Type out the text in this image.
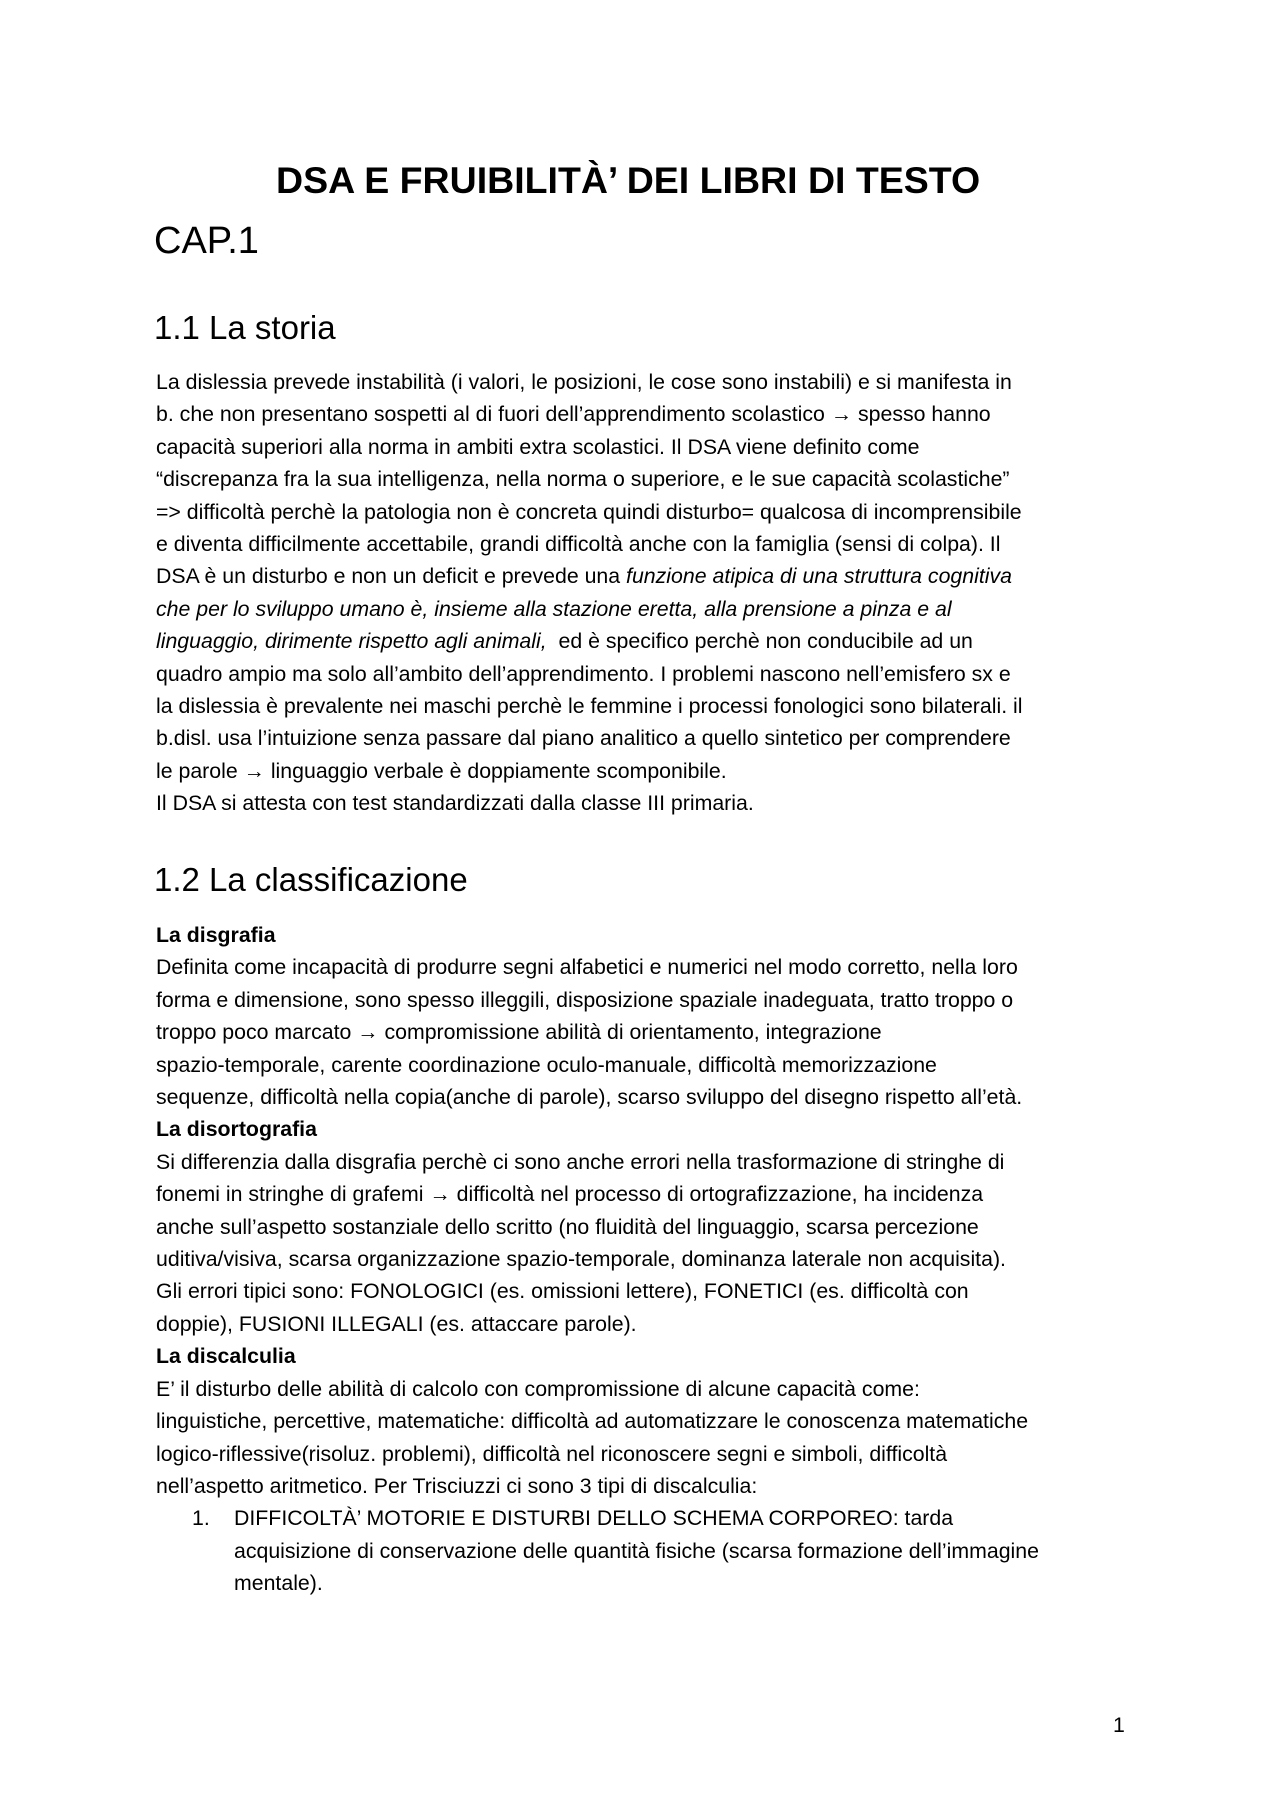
DSA E FRUIBILITÀ’ DEI LIBRI DI TESTO
CAP.1
1.1 La storia
La dislessia prevede instabilità (i valori, le posizioni, le cose sono instabili) e si manifesta in
b. che non presentano sospetti al di fuori dell’apprendimento scolastico → spesso hanno
capacità superiori alla norma in ambiti extra scolastici. Il DSA viene definito come
“discrepanza fra la sua intelligenza, nella norma o superiore, e le sue capacità scolastiche”
=> difficoltà perchè la patologia non è concreta quindi disturbo= qualcosa di incomprensibile
e diventa difficilmente accettabile, grandi difficoltà anche con la famiglia (sensi di colpa). Il
DSA è un disturbo e non un deficit e prevede una funzione atipica di una struttura cognitiva
che per lo sviluppo umano è, insieme alla stazione eretta, alla prensione a pinza e al
linguaggio, dirimente rispetto agli animali,  ed è specifico perchè non conducibile ad un
quadro ampio ma solo all’ambito dell’apprendimento. I problemi nascono nell’emisfero sx e
la dislessia è prevalente nei maschi perchè le femmine i processi fonologici sono bilaterali. il
b.disl. usa l’intuizione senza passare dal piano analitico a quello sintetico per comprendere
le parole → linguaggio verbale è doppiamente scomponibile.
Il DSA si attesta con test standardizzati dalla classe III primaria.
1.2 La classificazione
La disgrafia
Definita come incapacità di produrre segni alfabetici e numerici nel modo corretto, nella loro
forma e dimensione, sono spesso illeggili, disposizione spaziale inadeguata, tratto troppo o
troppo poco marcato → compromissione abilità di orientamento, integrazione
spazio-temporale, carente coordinazione oculo-manuale, difficoltà memorizzazione
sequenze, difficoltà nella copia(anche di parole), scarso sviluppo del disegno rispetto all’età.
La disortografia
Si differenzia dalla disgrafia perchè ci sono anche errori nella trasformazione di stringhe di
fonemi in stringhe di grafemi → difficoltà nel processo di ortografizzazione, ha incidenza
anche sull’aspetto sostanziale dello scritto (no fluidità del linguaggio, scarsa percezione
uditiva/visiva, scarsa organizzazione spazio-temporale, dominanza laterale non acquisita).
Gli errori tipici sono: FONOLOGICI (es. omissioni lettere), FONETICI (es. difficoltà con
doppie), FUSIONI ILLEGALI (es. attaccare parole).
La discalculia
E’ il disturbo delle abilità di calcolo con compromissione di alcune capacità come:
linguistiche, percettive, matematiche: difficoltà ad automatizzare le conoscenza matematiche
logico-riflessive(risoluz. problemi), difficoltà nel riconoscere segni e simboli, difficoltà
nell’aspetto aritmetico. Per Trisciuzzi ci sono 3 tipi di discalculia:
1. DIFFICOLTÀ’ MOTORIE E DISTURBI DELLO SCHEMA CORPOREO: tarda
acquisizione di conservazione delle quantità fisiche (scarsa formazione dell’immagine
mentale).
1
